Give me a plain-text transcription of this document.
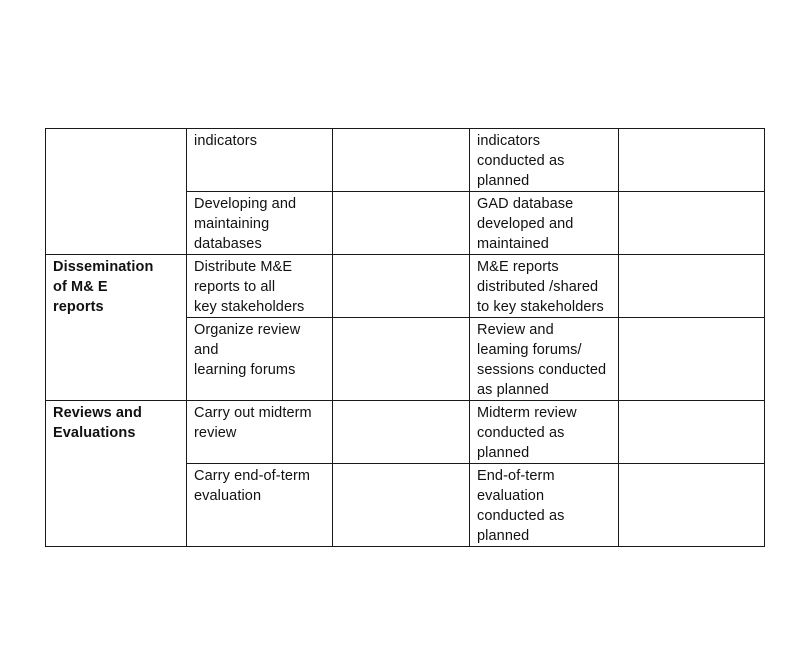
	indicators		indicators
conducted as
planned	

	Developing and
maintaining
databases		GAD database
developed and
maintained	

Dissemination
of M& E
reports	Distribute M&E
reports to all
key stakeholders		M&E reports
distributed /shared
to key stakeholders	

	Organize review
and
learning forums		Review and
leaming forums/
sessions conducted
as planned	

Reviews and
Evaluations	Carry out midterm
review		Midterm review
conducted as
planned	

	Carry end-of-term
evaluation		End-of-term
evaluation
conducted as
planned	
